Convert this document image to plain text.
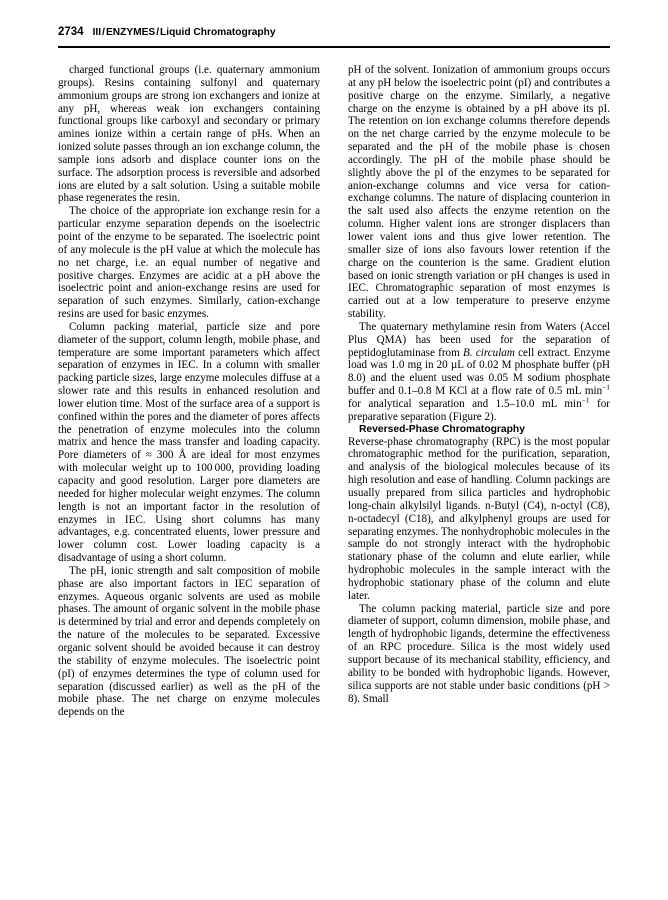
2734 III/ENZYMES/Liquid Chromatography

charged functional groups (i.e. quaternary ammonium groups). Resins containing sulfonyl and quaternary ammonium groups are strong ion exchangers and ionize at any pH, whereas weak ion exchangers containing functional groups like carboxyl and secondary or primary amines ionize within a certain range of pHs. When an ionized solute passes through an ion exchange column, the sample ions adsorb and displace counter ions on the surface. The adsorption process is reversible and adsorbed ions are eluted by a salt solution. Using a suitable mobile phase regenerates the resin.

The choice of the appropriate ion exchange resin for a particular enzyme separation depends on the isoelectric point of the enzyme to be separated. The isoelectric point of any molecule is the pH value at which the molecule has no net charge, i.e. an equal number of negative and positive charges. Enzymes are acidic at a pH above the isoelectric point and anion-exchange resins are used for separation of such enzymes. Similarly, cation-exchange resins are used for basic enzymes.

Column packing material, particle size and pore diameter of the support, column length, mobile phase, and temperature are some important parameters which affect separation of enzymes in IEC. In a column with smaller packing particle sizes, large enzyme molecules diffuse at a slower rate and this results in enhanced resolution and lower elution time. Most of the surface area of a support is confined within the pores and the diameter of pores affects the penetration of enzyme molecules into the column matrix and hence the mass transfer and loading capacity. Pore diameters of ≈ 300 Å are ideal for most enzymes with molecular weight up to 100 000, providing loading capacity and good resolution. Larger pore diameters are needed for higher molecular weight enzymes. The column length is not an important factor in the resolution of enzymes in IEC. Using short columns has many advantages, e.g. concentrated eluents, lower pressure and lower column cost. Lower loading capacity is a disadvantage of using a short column.

The pH, ionic strength and salt composition of mobile phase are also important factors in IEC separation of enzymes. Aqueous organic solvents are used as mobile phases. The amount of organic solvent in the mobile phase is determined by trial and error and depends completely on the nature of the molecules to be separated. Excessive organic solvent should be avoided because it can destroy the stability of enzyme molecules. The isoelectric point (pI) of enzymes determines the type of column used for separation (discussed earlier) as well as the pH of the mobile phase. The net charge on enzyme molecules depends on the

pH of the solvent. Ionization of ammonium groups occurs at any pH below the isoelectric point (pI) and contributes a positive charge on the enzyme. Similarly, a negative charge on the enzyme is obtained by a pH above its pI. The retention on ion exchange columns therefore depends on the net charge carried by the enzyme molecule to be separated and the pH of the mobile phase is chosen accordingly. The pH of the mobile phase should be slightly above the pI of the enzymes to be separated for anion-exchange columns and vice versa for cation-exchange columns. The nature of displacing counterion in the salt used also affects the enzyme retention on the column. Higher valent ions are stronger displacers than lower valent ions and thus give lower retention. The smaller size of ions also favours lower retention if the charge on the counterion is the same. Gradient elution based on ionic strength variation or pH changes is used in IEC. Chromatographic separation of most enzymes is carried out at a low temperature to preserve enzyme stability.

The quaternary methylamine resin from Waters (Accel Plus QMA) has been used for the separation of peptidoglutaminase from B. circulam cell extract. Enzyme load was 1.0 mg in 20 µL of 0.02 M phosphate buffer (pH 8.0) and the eluent used was 0.05 M sodium phosphate buffer and 0.1–0.8 M KCl at a flow rate of 0.5 mL $\min^{-1}$ for analytical separation and 1.5–10.0 mL $\min^{-1}$ for preparative separation (Figure 2).

Reversed-Phase Chromatography

Reverse-phase chromatography (RPC) is the most popular chromatographic method for the purification, separation, and analysis of the biological molecules because of its high resolution and ease of handling. Column packings are usually prepared from silica particles and hydrophobic long-chain alkylsilyl ligands. n-Butyl (C4), n-octyl (C8), n-octadecyl (C18), and alkylphenyl groups are used for separating enzymes. The nonhydrophobic molecules in the sample do not strongly interact with the hydrophobic stationary phase of the column and elute earlier, while hydrophobic molecules in the sample interact with the hydrophobic stationary phase of the column and elute later.

The column packing material, particle size and pore diameter of support, column dimension, mobile phase, and length of hydrophobic ligands, determine the effectiveness of an RPC procedure. Silica is the most widely used support because of its mechanical stability, efficiency, and ability to be bonded with hydrophobic ligands. However, silica supports are not stable under basic conditions (pH > 8). Small
